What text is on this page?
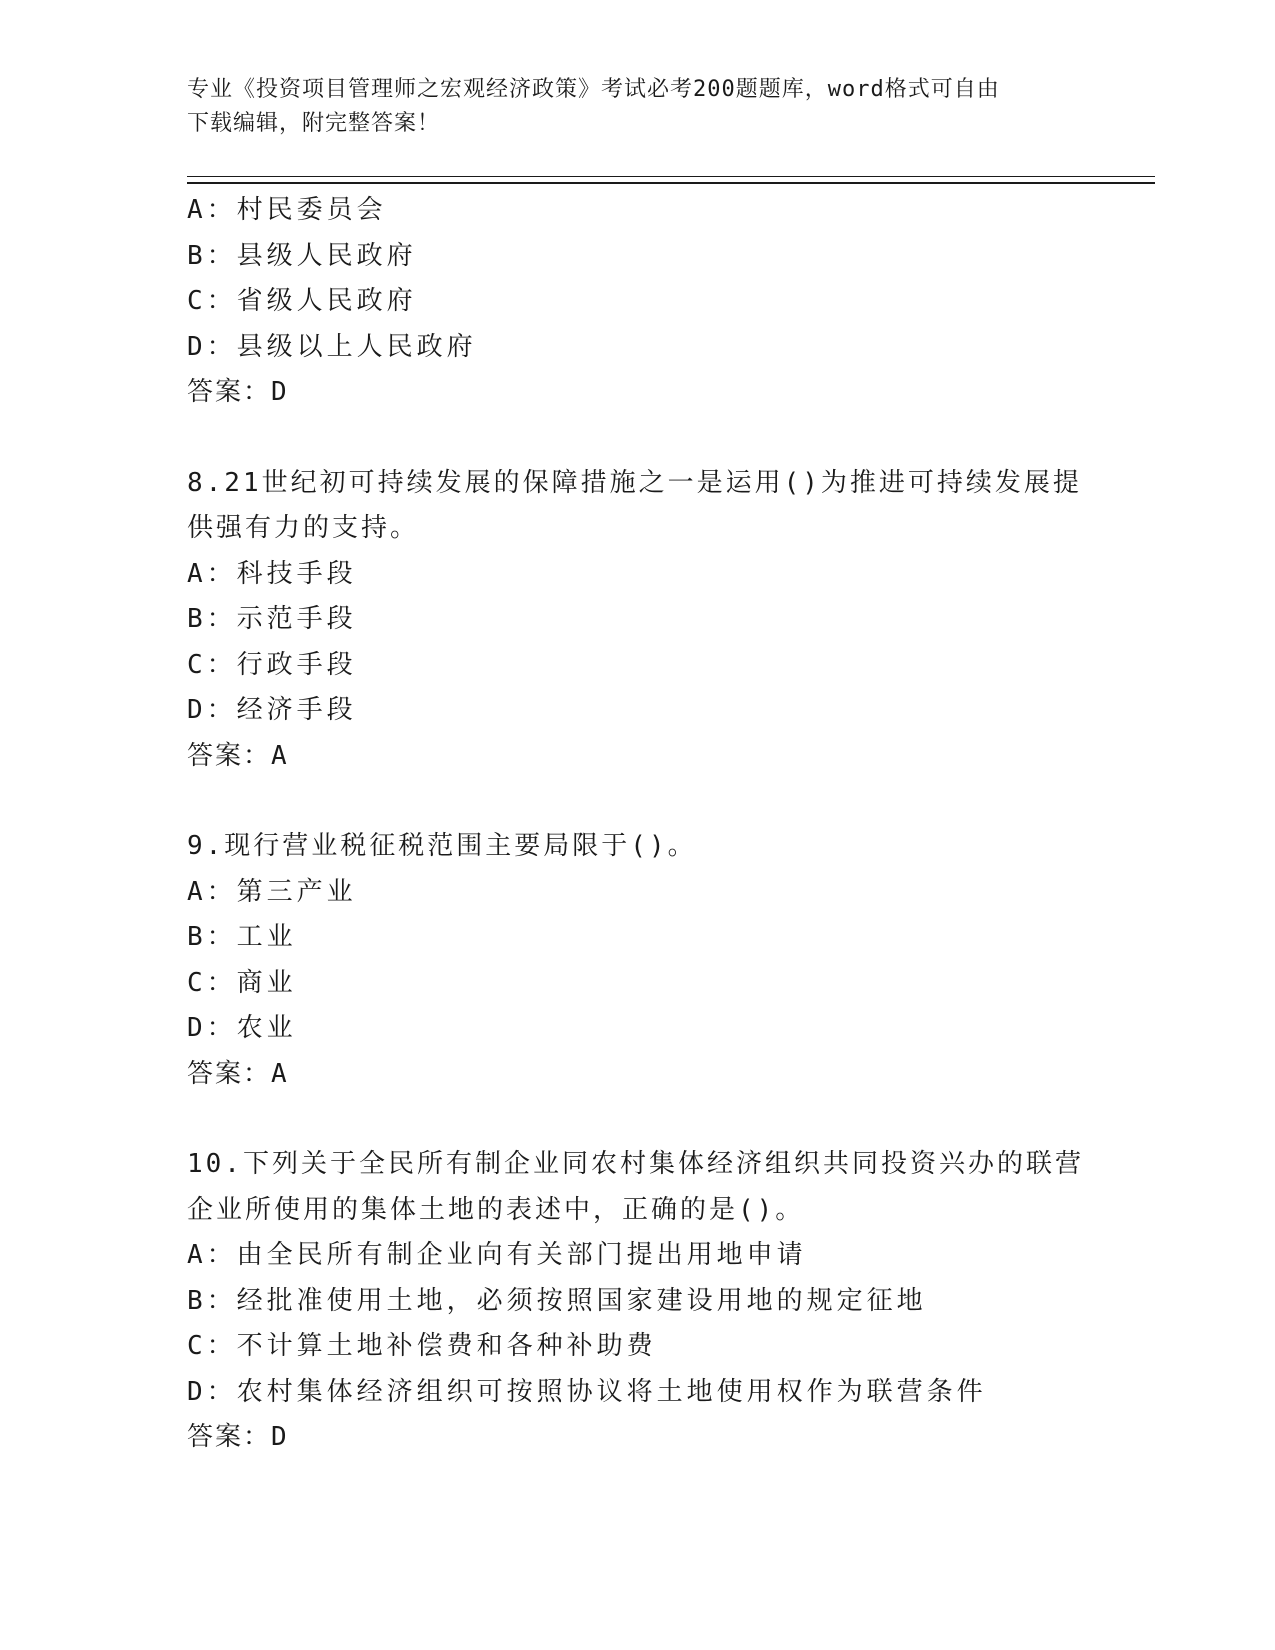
专业《投资项目管理师之宏观经济政策》考试必考200题题库，word格式可自由
下载编辑，附完整答案！
A：村民委员会
B：县级人民政府
C：省级人民政府
D：县级以上人民政府
答案：D
8.21世纪初可持续发展的保障措施之一是运用()为推进可持续发展提
供强有力的支持。
A：科技手段
B：示范手段
C：行政手段
D：经济手段
答案：A
9.现行营业税征税范围主要局限于()。
A：第三产业
B：工业
C：商业
D：农业
答案：A
10.下列关于全民所有制企业同农村集体经济组织共同投资兴办的联营
企业所使用的集体土地的表述中，正确的是()。
A：由全民所有制企业向有关部门提出用地申请
B：经批准使用土地，必须按照国家建设用地的规定征地
C：不计算土地补偿费和各种补助费
D：农村集体经济组织可按照协议将土地使用权作为联营条件
答案：D
